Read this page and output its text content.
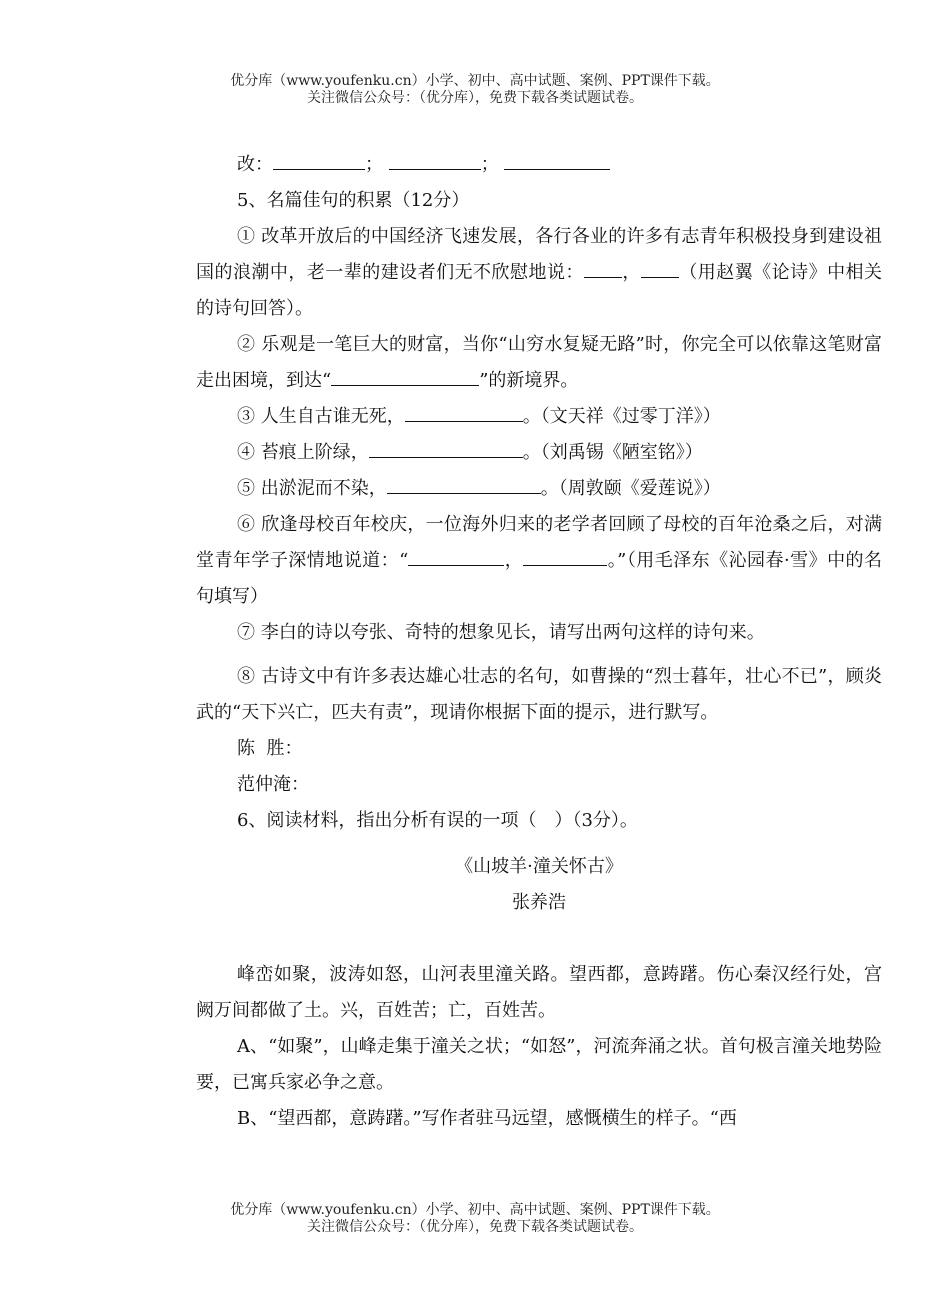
优分库（www.youfenku.cn）小学、初中、高中试题、案例、PPT课件下载。
关注微信公众号：（优分库），免费下载各类试题试卷。

改：	；	；

5、名篇佳句的积累（12分）

① 改革开放后的中国经济飞速发展，各行各业的许多有志青年积极投身到建设祖国的浪潮中，老一辈的建设者们无不欣慰地说： ， （用赵翼《论诗》中相关的诗句回答）。

② 乐观是一笔巨大的财富，当你“山穷水复疑无路”时，你完全可以依靠这笔财富走出困境，到达“	”的新境界。

③ 人生自古谁无死，	。（文天祥《过零丁洋》）

④ 苔痕上阶绿，	。（刘禹锡《陋室铭》）

⑤ 出淤泥而不染，	。（周敦颐《爱莲说》）

⑥ 欣逢母校百年校庆，一位海外归来的老学者回顾了母校的百年沧桑之后，对满堂青年学子深情地说道：“	，	。”（用毛泽东《沁园春·雪》中的名句填写）

⑦ 李白的诗以夸张、奇特的想象见长，请写出两句这样的诗句来。

⑧ 古诗文中有许多表达雄心壮志的名句，如曹操的“烈士暮年，壮心不已”，顾炎武的“天下兴亡，匹夫有责”，现请你根据下面的提示，进行默写。

陈  胜：

范仲淹：

6、阅读材料，指出分析有误的一项（　）（3分）。

《山坡羊·潼关怀古》

张养浩

峰峦如聚，波涛如怒，山河表里潼关路。望西都，意踌躇。伤心秦汉经行处，宫阙万间都做了土。兴，百姓苦；亡，百姓苦。

A、“如聚”，山峰走集于潼关之状；“如怒”，河流奔涌之状。首句极言潼关地势险要，已寓兵家必争之意。

B、“望西都，意踌躇。”写作者驻马远望，感慨横生的样子。“西

优分库（www.youfenku.cn）小学、初中、高中试题、案例、PPT课件下载。
关注微信公众号：（优分库），免费下载各类试题试卷。
